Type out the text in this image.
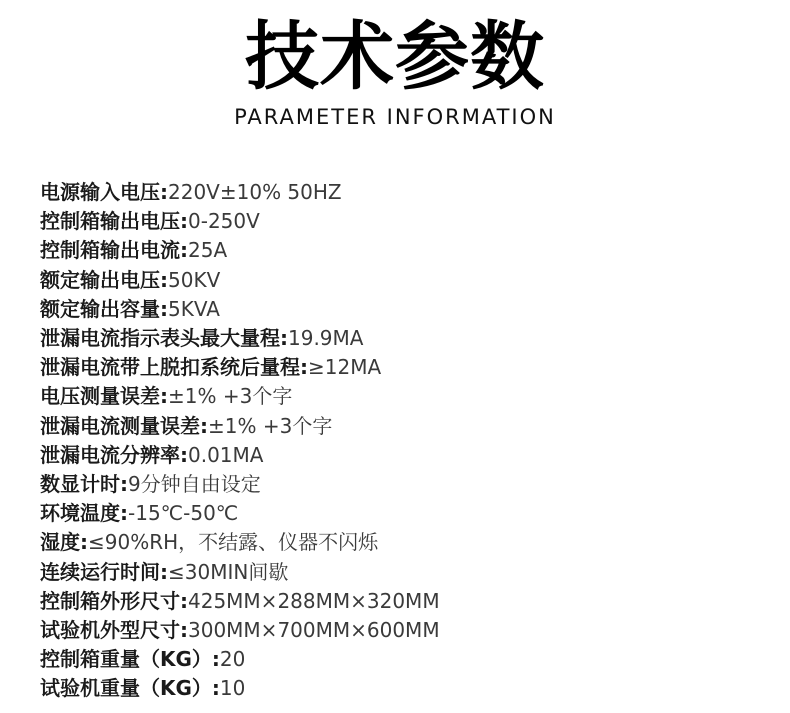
技术参数
PARAMETER INFORMATION
电源输入电压:220V±10% 50HZ
控制箱输出电压:0-250V
控制箱输出电流:25A
额定输出电压:50KV
额定输出容量:5KVA
泄漏电流指示表头最大量程:19.9MA
泄漏电流带上脱扣系统后量程:≥12MA
电压测量误差:±1% +3个字
泄漏电流测量误差:±1% +3个字
泄漏电流分辨率:0.01MA
数显计时:9分钟自由设定
环境温度:-15℃-50℃
湿度:≤90%RH，不结露、仪器不闪烁
连续运行时间:≤30MIN间歇
控制箱外形尺寸:425MM×288MM×320MM
试验机外型尺寸:300MM×700MM×600MM
控制箱重量（KG）:20
试验机重量（KG）:10
